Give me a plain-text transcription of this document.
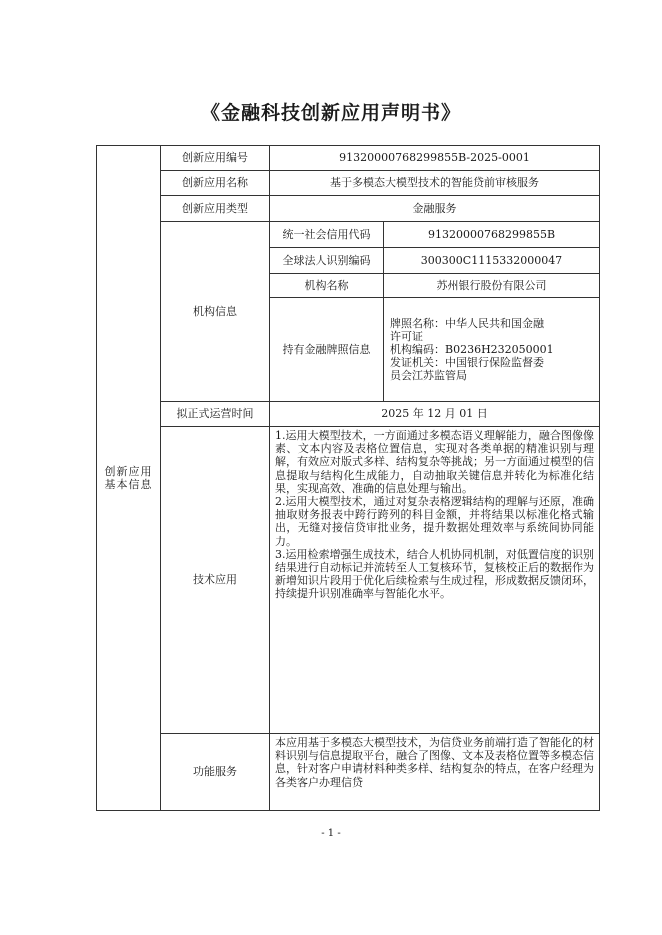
《金融科技创新应用声明书》
创新应用基本信息	创新应用编号	91320000768299855B-2025-0001	
	创新应用名称	基于多模态大模型技术的智能贷前审核服务	
	创新应用类型	金融服务	
	机构信息	统一社会信用代码	91320000768299855B
		全球法人识别编码	300300C1115332000047
		机构名称	苏州银行股份有限公司
		持有金融牌照信息	牌照名称：中华人民共和国金融
许可证
机构编码：B0236H232050001
发证机关：中国银行保险监督委
员会江苏监管局

	拟正式运营时间	2025 年 12 月 01 日	
	技术应用	1.运用大模型技术，一方面通过多模态语义理解能力，融合图像像素、文本内容及表格位置信息，实现对各类单据的精准识别与理解，有效应对版式多样、结构复杂等挑战；另一方面通过模型的信息提取与结构化生成能力，自动抽取关键信息并转化为标准化结果，实现高效、准确的信息处理与输出。

2.运用大模型技术，通过对复杂表格逻辑结构的理解与还原，准确抽取财务报表中跨行跨列的科目金额，并将结果以标准化格式输出，无缝对接信贷审批业务，提升数据处理效率与系统间协同能力。

3.运用检索增强生成技术，结合人机协同机制，对低置信度的识别结果进行自动标记并流转至人工复核环节，复核校正后的数据作为新增知识片段用于优化后续检索与生成过程，形成数据反馈闭环，持续提升识别准确率与智能化水平。	

	功能服务	本应用基于多模态大模型技术，为信贷业务前端打造了智能化的材料识别与信息提取平台，融合了图像、文本及表格位置等多模态信息，针对客户申请材料种类多样、结构复杂的特点，在客户经理为各类客户办理信贷	

- 1 -
